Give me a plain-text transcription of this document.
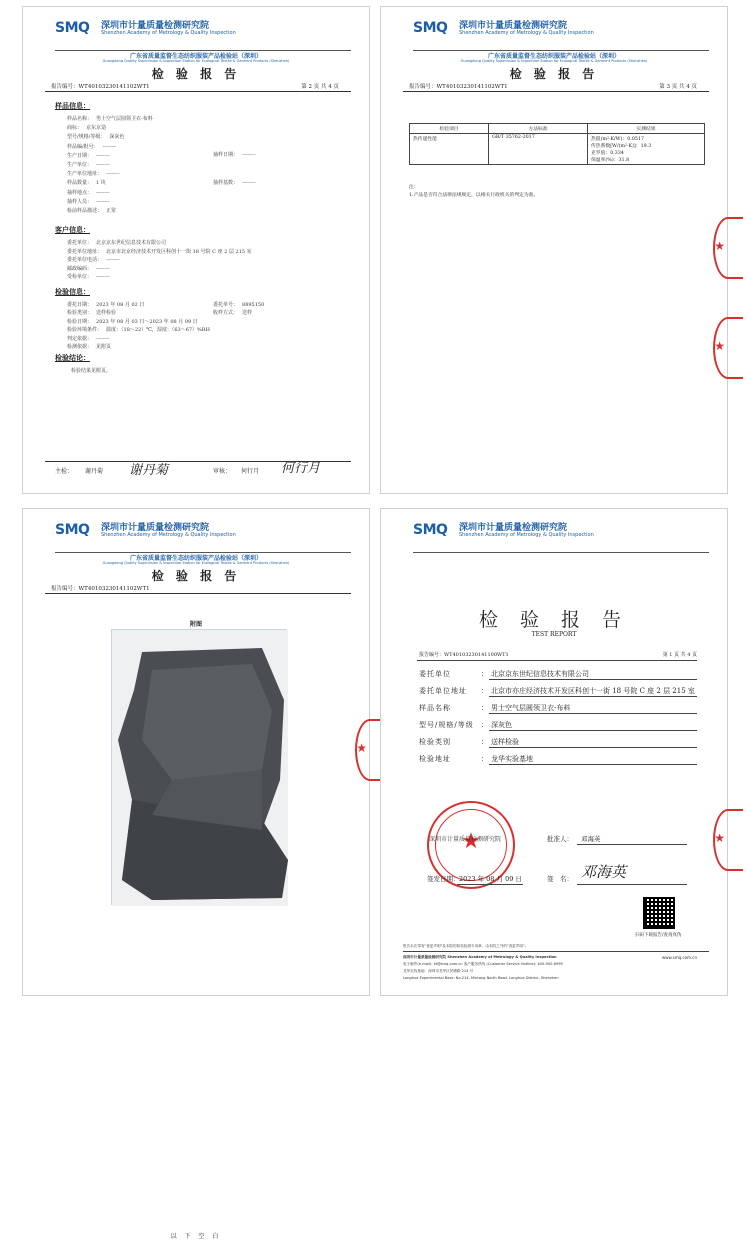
SMQ 深圳市计量质量检测研究院
Shenzhen Academy of Metrology & Quality Inspection
广东省质量监督生态纺织服装产品检验站（深圳）
Guangdong Quality Supervision & Inspection Station for Ecological Textile & Garment Products (Shenzhen)
检 验 报 告
报告编号：WT40103230141102WT1	第 2 页 共 4 页
样品信息：
样品名称： 男士空气层圆领卫衣-布料
商标： 京东京造
型号/规格/等级： 深灰色
样品编/批号： --------
生产日期： --------
生产单位： --------
生产单位地址： --------
样品数量： 1 块
抽样地点： --------
抽样人员： --------
检前样品描述： 正常
抽样日期： --------
抽样基数： --------
客户信息：
委托单位： 北京京东世纪信息技术有限公司
委托单位地址： 北京市北京经济技术开发区科创十一街 18 号院 C 座 2 层 215 室
委托单位电话： --------
邮政编码： --------
受检单位： --------
检验信息：
委托日期： 2023 年 08 月 02 日
检验类别： 送样检验
检验日期： 2023 年 08 月 03 日～2023 年 08 月 09 日
检验环境条件： 温度：（18～22）℃，湿度：（63～67）%RH
判定依据： --------
检测依据： 见附页
委托单号： 8895150
收样方式： 送样
检验结论：
检验结果见附页。
主检： 谢丹菊 谢丹菊	审核： 何行月 何行月
SMQ 深圳市计量质量检测研究院
Shenzhen Academy of Metrology & Quality Inspection
广东省质量监督生态纺织服装产品检验站（深圳）
Guangdong Quality Supervision & Inspection Station for Ecological Textile & Garment Products (Shenzhen)
检 验 报 告
报告编号：WT40103230141102WT1	第 3 页 共 4 页
检验项目	方法标准	实测结果
热传递性能	GB/T 35762-2017	热阻(m²·K/W)：0.0517
传热系数[W/(m²·K)]：19.3
克罗值：0.334
保温率(%)：31.8
注：
1.产品是否符合法律法规规定，以相关行政机关的判定为准。
★
★
SMQ 深圳市计量质量检测研究院
Shenzhen Academy of Metrology & Quality Inspection
广东省质量监督生态纺织服装产品检验站（深圳）
Guangdong Quality Supervision & Inspection Station for Ecological Textile & Garment Products (Shenzhen)
检 验 报 告
报告编号：WT40103230141102WT1
附图
以 下 空 白
★
SMQ 深圳市计量质量检测研究院
Shenzhen Academy of Metrology & Quality Inspection
检 验 报 告
TEST REPORT
报告编号：WT40103230141100WT1	第 1 页 共 4 页
委托单位	： 北京京东世纪信息技术有限公司
委托单位地址 ： 北京市亦庄经济技术开发区科创十一街 18 号院 C 座 2 层 215 室
样品名称	： 男士空气层圆领卫衣-布料
型号/规格/等级 ： 深灰色
检验类别	： 送样检验
检验地址	： 龙华实验基地
★
深圳市计量质量检测研究院	批准人： 邓海英
签发日期： 2023 年 08 月 09 日	签　名： 邓海英
扫码下载报告/查询真伪
★
报告未在带有"查更声明"及本院的检验检测专用章，由本院之外的"查更声明"。
深圳市计量质量检测研究院 Shenzhen Academy of Metrology & Quality Inspection	www.smq.com.cn
电子邮件(e-mail): kf@smq.com.cn 客户服务热线 (Customer Service Hotline): 400-900-6999
龙华实验基地：深圳市龙华区民塘路 214 号
Longhua Experimental Base: No.214, Mintang North Road, Longhua District, Shenzhen
